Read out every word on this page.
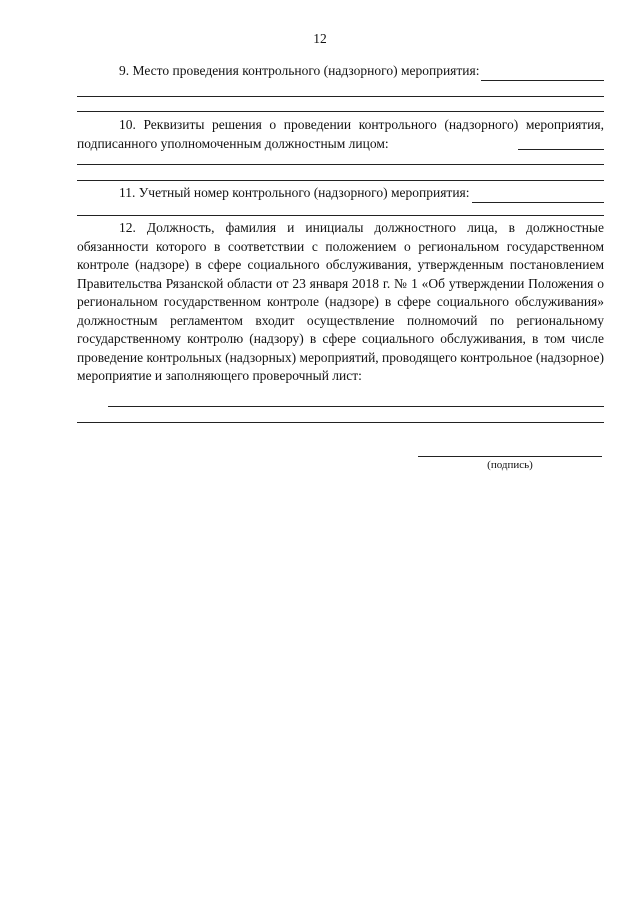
12
9. Место проведения контрольного (надзорного) мероприятия:
10. Реквизиты решения о проведении контрольного (надзорного) мероприятия, подписанного уполномоченным должностным лицом:
11. Учетный номер контрольного (надзорного) мероприятия:
12. Должность, фамилия и инициалы должностного лица, в должностные обязанности которого в соответствии с положением о региональном государственном контроле (надзоре) в сфере социального обслуживания, утвержденным постановлением Правительства Рязанской области от 23 января 2018 г. № 1 «Об утверждении Положения о региональном государственном контроле (надзоре) в сфере социального обслуживания» должностным регламентом входит осуществление полномочий по региональному государственному контролю (надзору) в сфере социального обслуживания, в том числе проведение контрольных (надзорных) мероприятий, проводящего контрольное (надзорное) мероприятие и заполняющего проверочный лист:
(подпись)
